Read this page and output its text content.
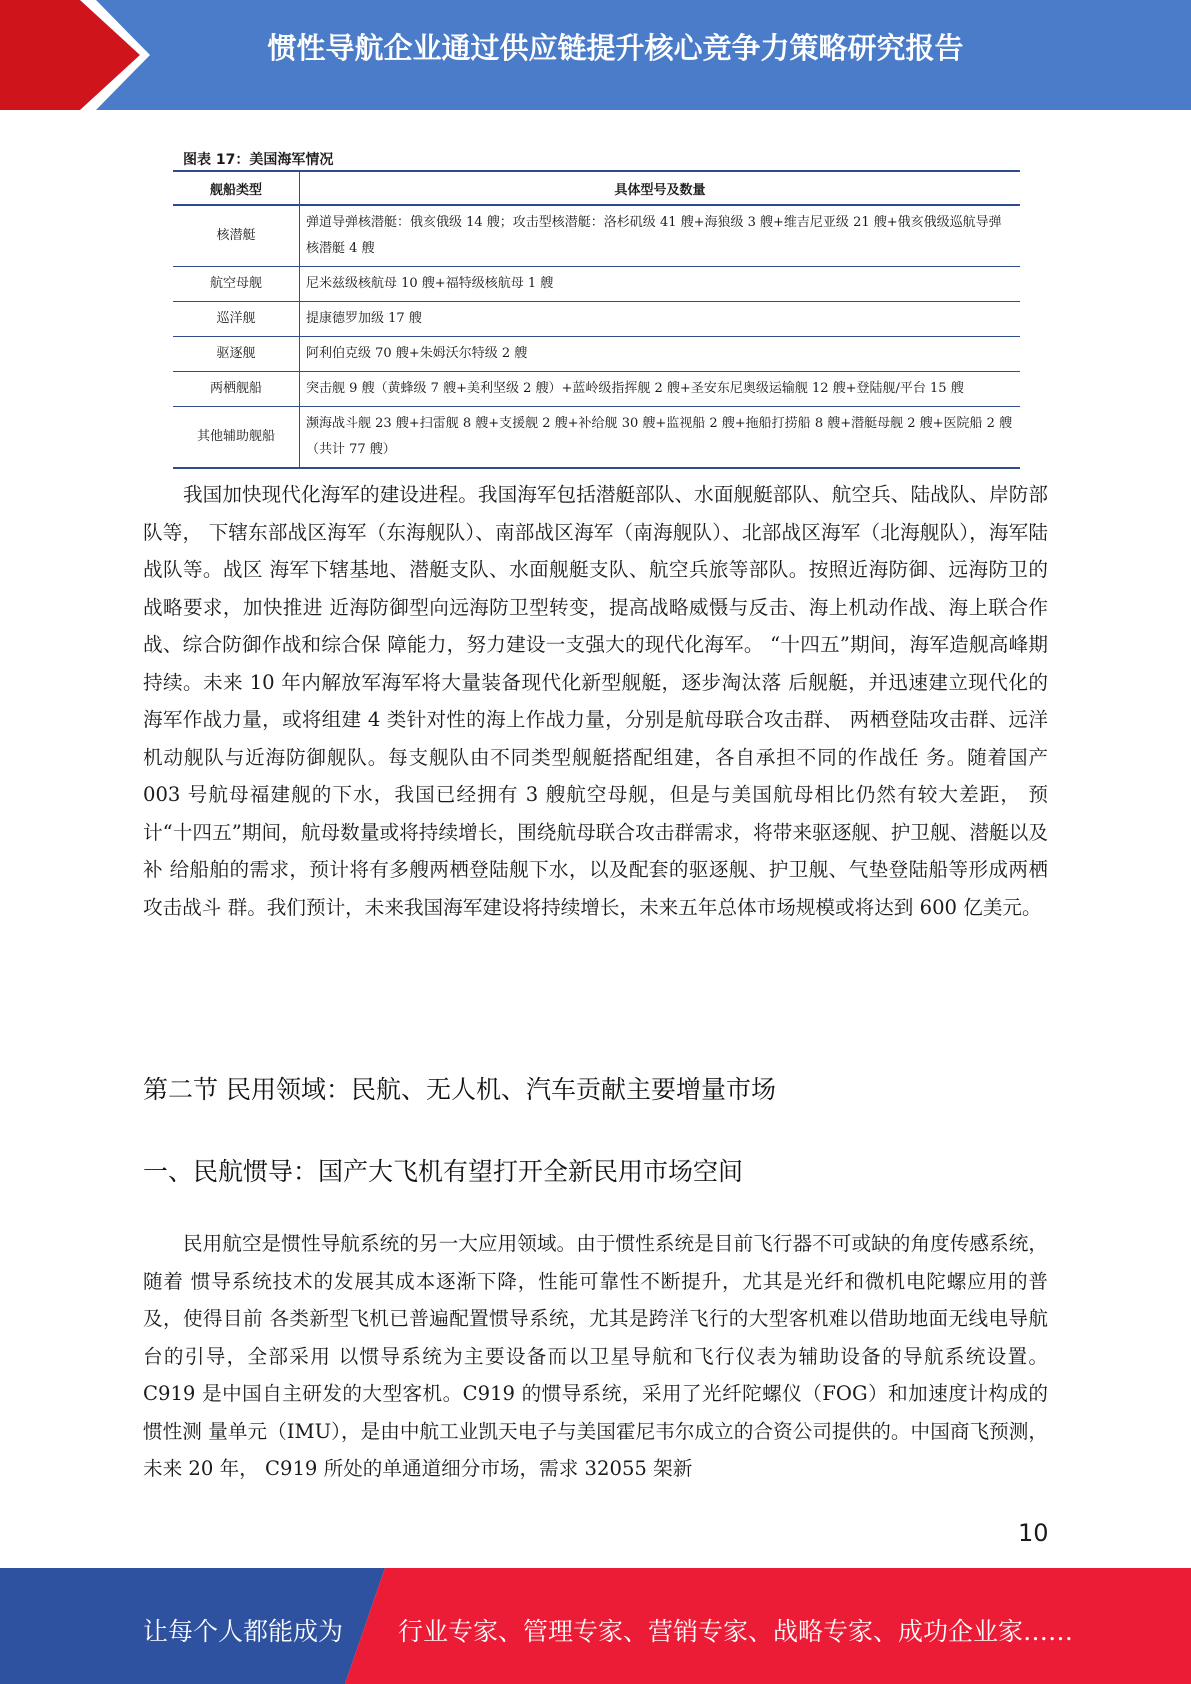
惯性导航企业通过供应链提升核心竞争力策略研究报告
图表 17：美国海军情况
舰船类型	具体型号及数量
核潜艇	弹道导弹核潜艇：俄亥俄级 14 艘；攻击型核潜艇：洛杉矶级 41 艘+海狼级 3 艘+维吉尼亚级 21 艘+俄亥俄级巡航导弹核潜艇 4 艘
航空母舰	尼米兹级核航母 10 艘+福特级核航母 1 艘
巡洋舰	提康德罗加级 17 艘
驱逐舰	阿利伯克级 70 艘+朱姆沃尔特级 2 艘
两栖舰船	突击舰 9 艘（黄蜂级 7 艘+美利坚级 2 艘）+蓝岭级指挥舰 2 艘+圣安东尼奥级运输舰 12 艘+登陆舰/平台 15 艘
其他辅助舰船	濒海战斗舰 23 艘+扫雷舰 8 艘+支援舰 2 艘+补给舰 30 艘+监视船 2 艘+拖船打捞船 8 艘+潜艇母舰 2 艘+医院船 2 艘（共计 77 艘）
我国加快现代化海军的建设进程。我国海军包括潜艇部队、水面舰艇部队、航空兵、陆战队、岸防部队等， 下辖东部战区海军（东海舰队）、南部战区海军（南海舰队）、北部战区海军（北海舰队），海军陆战队等。战区 海军下辖基地、潜艇支队、水面舰艇支队、航空兵旅等部队。按照近海防御、远海防卫的战略要求，加快推进 近海防御型向远海防卫型转变，提高战略威慑与反击、海上机动作战、海上联合作战、综合防御作战和综合保 障能力，努力建设一支强大的现代化海军。 “十四五”期间，海军造舰高峰期持续。未来 10 年内解放军海军将大量装备现代化新型舰艇，逐步淘汰落 后舰艇，并迅速建立现代化的海军作战力量，或将组建 4 类针对性的海上作战力量，分别是航母联合攻击群、 两栖登陆攻击群、远洋机动舰队与近海防御舰队。每支舰队由不同类型舰艇搭配组建，各自承担不同的作战任 务。随着国产 003 号航母福建舰的下水，我国已经拥有 3 艘航空母舰，但是与美国航母相比仍然有较大差距， 预计“十四五”期间，航母数量或将持续增长，围绕航母联合攻击群需求，将带来驱逐舰、护卫舰、潜艇以及补 给船舶的需求，预计将有多艘两栖登陆舰下水，以及配套的驱逐舰、护卫舰、气垫登陆船等形成两栖攻击战斗 群。我们预计，未来我国海军建设将持续增长，未来五年总体市场规模或将达到 600 亿美元。
第二节 民用领域：民航、无人机、汽车贡献主要增量市场
一、民航惯导：国产大飞机有望打开全新民用市场空间
民用航空是惯性导航系统的另一大应用领域。由于惯性系统是目前飞行器不可或缺的角度传感系统，随着 惯导系统技术的发展其成本逐渐下降，性能可靠性不断提升，尤其是光纤和微机电陀螺应用的普及，使得目前 各类新型飞机已普遍配置惯导系统，尤其是跨洋飞行的大型客机难以借助地面无线电导航台的引导，全部采用 以惯导系统为主要设备而以卫星导航和飞行仪表为辅助设备的导航系统设置。 C919 是中国自主研发的大型客机。C919 的惯导系统，采用了光纤陀螺仪（FOG）和加速度计构成的惯性测 量单元（IMU），是由中航工业凯天电子与美国霍尼韦尔成立的合资公司提供的。中国商飞预测，未来 20 年， C919 所处的单通道细分市场，需求 32055 架新
10
让每个人都能成为 行业专家、管理专家、营销专家、战略专家、成功企业家……
